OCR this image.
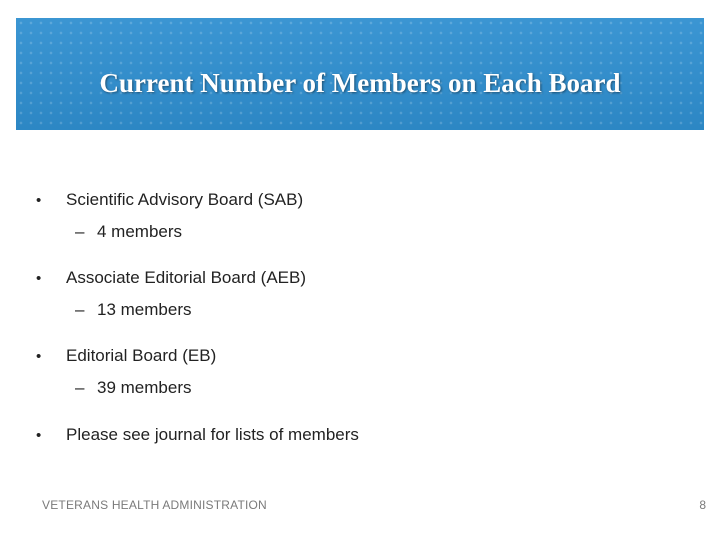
Current Number of Members on Each Board
• Scientific Advisory Board (SAB)
– 4 members
• Associate Editorial Board (AEB)
– 13 members
• Editorial Board (EB)
– 39 members
• Please see journal for lists of members
VETERANS HEALTH ADMINISTRATION	8
